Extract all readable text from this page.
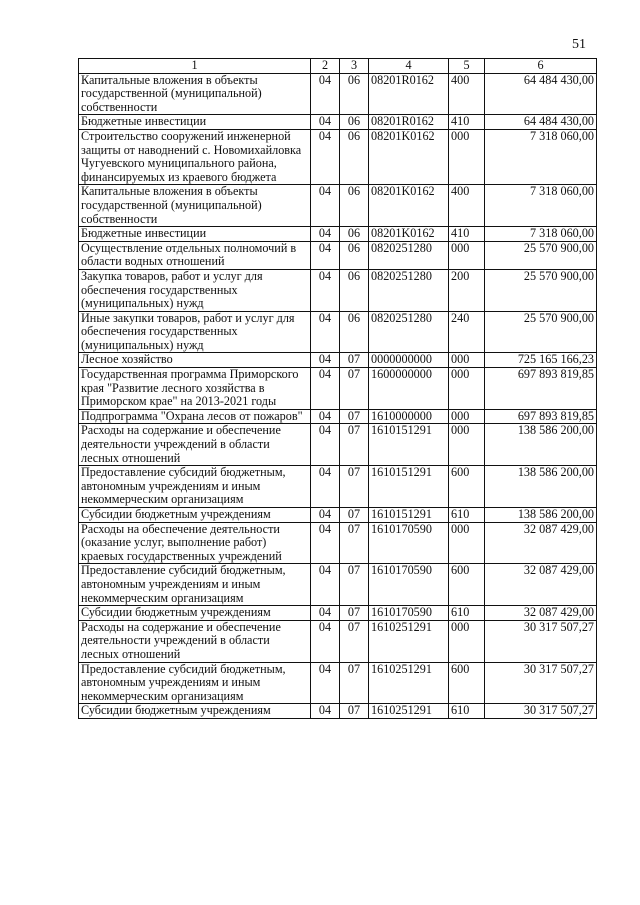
51
1	2	3	4	5	6
Капитальные вложения в объекты государственной (муниципальной) собственности	04	06	08201R0162	400	64 484 430,00
Бюджетные инвестиции	04	06	08201R0162	410	64 484 430,00
Строительство сооружений инженерной защиты от наводнений с. Новомихайловка Чугуевского муниципального района, финансируемых из краевого бюджета	04	06	08201K0162	000	7 318 060,00
Капитальные вложения в объекты государственной (муниципальной) собственности	04	06	08201K0162	400	7 318 060,00
Бюджетные инвестиции	04	06	08201K0162	410	7 318 060,00
Осуществление отдельных полномочий в области водных отношений	04	06	0820251280	000	25 570 900,00
Закупка товаров, работ и услуг для обеспечения государственных (муниципальных) нужд	04	06	0820251280	200	25 570 900,00
Иные закупки товаров, работ и услуг для обеспечения государственных (муниципальных) нужд	04	06	0820251280	240	25 570 900,00
Лесное хозяйство	04	07	0000000000	000	725 165 166,23
Государственная программа Приморского края "Развитие лесного хозяйства в Приморском крае" на 2013-2021 годы	04	07	1600000000	000	697 893 819,85
Подпрограмма "Охрана лесов от пожаров"	04	07	1610000000	000	697 893 819,85
Расходы на содержание и обеспечение деятельности учреждений в области лесных отношений	04	07	1610151291	000	138 586 200,00
Предоставление субсидий бюджетным, автономным учреждениям и иным некоммерческим организациям	04	07	1610151291	600	138 586 200,00
Субсидии бюджетным учреждениям	04	07	1610151291	610	138 586 200,00
Расходы на обеспечение деятельности (оказание услуг, выполнение работ) краевых государственных учреждений	04	07	1610170590	000	32 087 429,00
Предоставление субсидий бюджетным, автономным учреждениям и иным некоммерческим организациям	04	07	1610170590	600	32 087 429,00
Субсидии бюджетным учреждениям	04	07	1610170590	610	32 087 429,00
Расходы на содержание и обеспечение деятельности учреждений в области лесных отношений	04	07	1610251291	000	30 317 507,27
Предоставление субсидий бюджетным, автономным учреждениям и иным некоммерческим организациям	04	07	1610251291	600	30 317 507,27
Субсидии бюджетным учреждениям	04	07	1610251291	610	30 317 507,27
